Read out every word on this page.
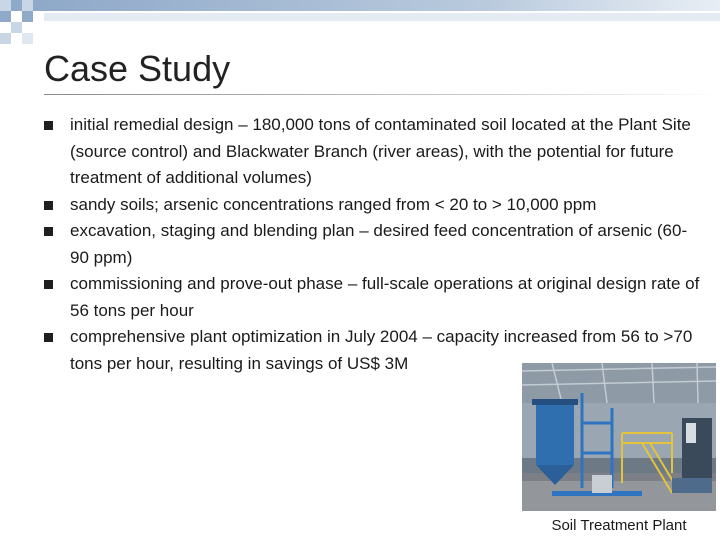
Case Study
initial remedial design – 180,000 tons of contaminated soil located at the Plant Site (source control) and Blackwater Branch (river areas), with the potential for future treatment of additional volumes)
sandy soils; arsenic concentrations ranged from < 20 to > 10,000 ppm
excavation, staging and blending plan – desired feed concentration of arsenic (60-90 ppm)
commissioning and prove-out phase – full-scale operations at original design rate of 56 tons per hour
comprehensive plant optimization in July 2004 – capacity increased from 56 to >70 tons per hour, resulting in savings of US$ 3M
Soil Treatment Plant
